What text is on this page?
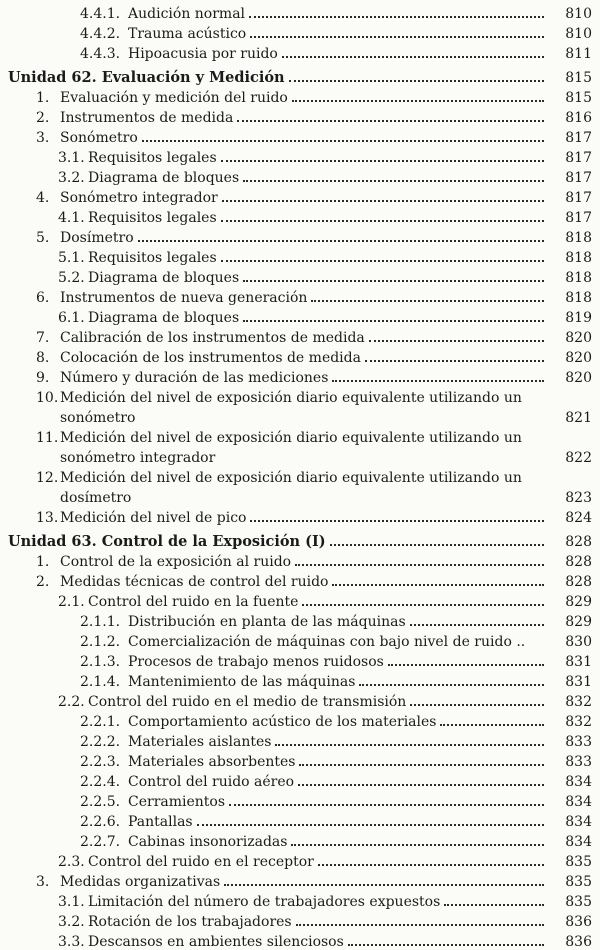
4.4.1. Audición normal	810
4.4.2. Trauma acústico	810
4.4.3. Hipoacusia por ruido	811
Unidad 62. Evaluación y Medición	815
1. Evaluación y medición del ruido	815
2. Instrumentos de medida	816
3. Sonómetro	817
3.1. Requisitos legales	817
3.2. Diagrama de bloques	817
4. Sonómetro integrador	817
4.1. Requisitos legales	817
5. Dosímetro	818
5.1. Requisitos legales	818
5.2. Diagrama de bloques	818
6. Instrumentos de nueva generación	818
6.1. Diagrama de bloques	819
7. Calibración de los instrumentos de medida	820
8. Colocación de los instrumentos de medida	820
9. Número y duración de las mediciones	820
10. Medición del nivel de exposición diario equivalente utilizando un
sonómetro	821
11. Medición del nivel de exposición diario equivalente utilizando un
sonómetro integrador	822
12. Medición del nivel de exposición diario equivalente utilizando un
dosímetro	823
13. Medición del nivel de pico	824
Unidad 63. Control de la Exposición (I)	828
1. Control de la exposición al ruido	828
2. Medidas técnicas de control del ruido	828
2.1. Control del ruido en la fuente	829
2.1.1. Distribución en planta de las máquinas	829
2.1.2. Comercialización de máquinas con bajo nivel de ruido ..	830
2.1.3. Procesos de trabajo menos ruidosos	831
2.1.4. Mantenimiento de las máquinas	831
2.2. Control del ruido en el medio de transmisión	832
2.2.1. Comportamiento acústico de los materiales	832
2.2.2. Materiales aislantes	833
2.2.3. Materiales absorbentes	833
2.2.4. Control del ruido aéreo	834
2.2.5. Cerramientos	834
2.2.6. Pantallas	834
2.2.7. Cabinas insonorizadas	834
2.3. Control del ruido en el receptor	835
3. Medidas organizativas	835
3.1. Limitación del número de trabajadores expuestos	835
3.2. Rotación de los trabajadores	836
3.3. Descansos en ambientes silenciosos	836
